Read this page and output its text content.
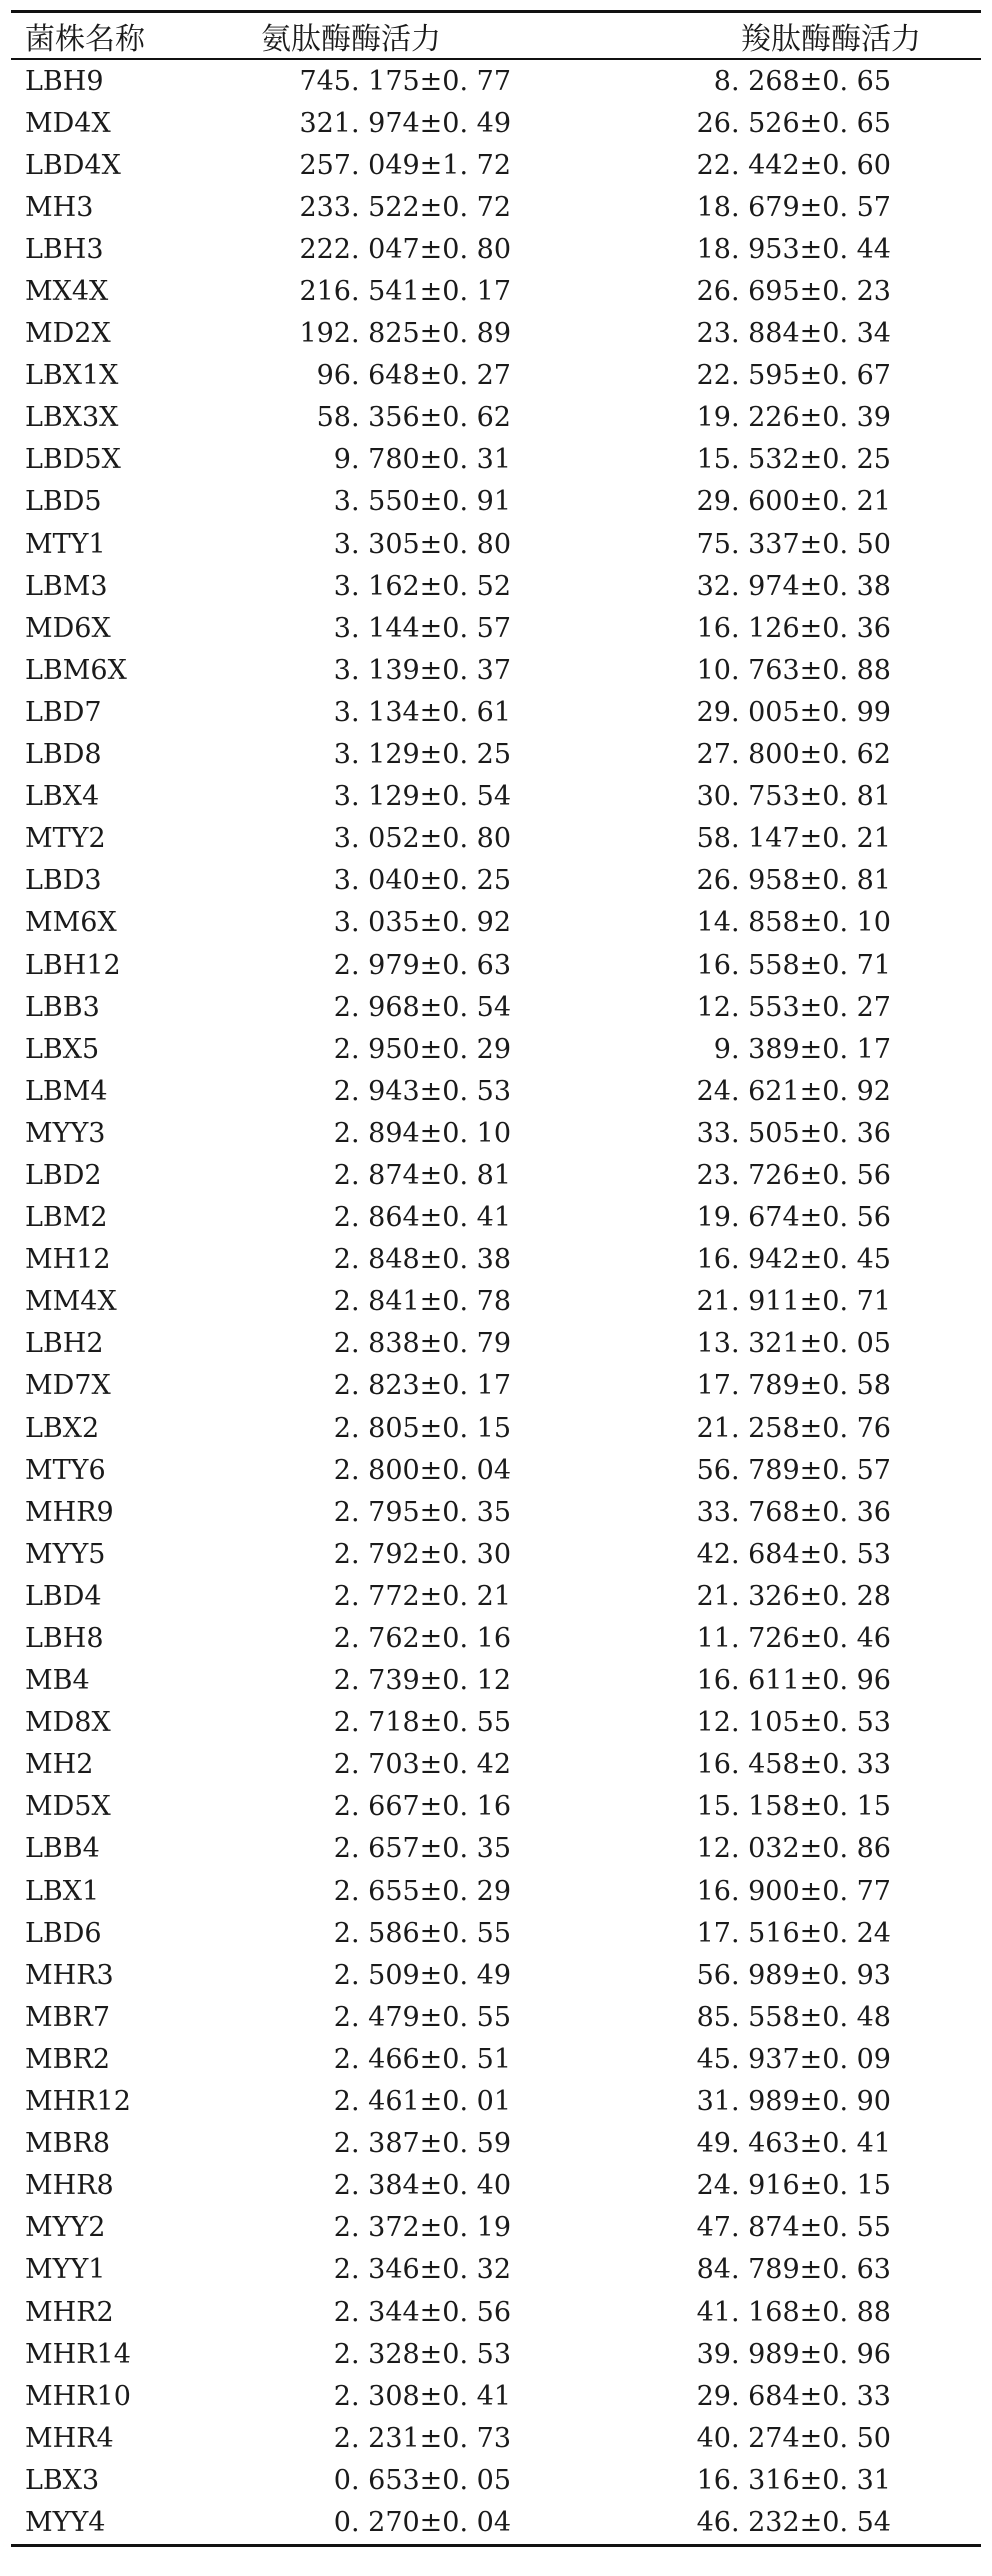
菌株名称	氨肽酶酶活力	羧肽酶酶活力
LBH9	745. 175±0. 77	8. 268±0. 65
MD4X	321. 974±0. 49	26. 526±0. 65
LBD4X	257. 049±1. 72	22. 442±0. 60
MH3	233. 522±0. 72	18. 679±0. 57
LBH3	222. 047±0. 80	18. 953±0. 44
MX4X	216. 541±0. 17	26. 695±0. 23
MD2X	192. 825±0. 89	23. 884±0. 34
LBX1X	96. 648±0. 27	22. 595±0. 67
LBX3X	58. 356±0. 62	19. 226±0. 39
LBD5X	9. 780±0. 31	15. 532±0. 25
LBD5	3. 550±0. 91	29. 600±0. 21
MTY1	3. 305±0. 80	75. 337±0. 50
LBM3	3. 162±0. 52	32. 974±0. 38
MD6X	3. 144±0. 57	16. 126±0. 36
LBM6X	3. 139±0. 37	10. 763±0. 88
LBD7	3. 134±0. 61	29. 005±0. 99
LBD8	3. 129±0. 25	27. 800±0. 62
LBX4	3. 129±0. 54	30. 753±0. 81
MTY2	3. 052±0. 80	58. 147±0. 21
LBD3	3. 040±0. 25	26. 958±0. 81
MM6X	3. 035±0. 92	14. 858±0. 10
LBH12	2. 979±0. 63	16. 558±0. 71
LBB3	2. 968±0. 54	12. 553±0. 27
LBX5	2. 950±0. 29	9. 389±0. 17
LBM4	2. 943±0. 53	24. 621±0. 92
MYY3	2. 894±0. 10	33. 505±0. 36
LBD2	2. 874±0. 81	23. 726±0. 56
LBM2	2. 864±0. 41	19. 674±0. 56
MH12	2. 848±0. 38	16. 942±0. 45
MM4X	2. 841±0. 78	21. 911±0. 71
LBH2	2. 838±0. 79	13. 321±0. 05
MD7X	2. 823±0. 17	17. 789±0. 58
LBX2	2. 805±0. 15	21. 258±0. 76
MTY6	2. 800±0. 04	56. 789±0. 57
MHR9	2. 795±0. 35	33. 768±0. 36
MYY5	2. 792±0. 30	42. 684±0. 53
LBD4	2. 772±0. 21	21. 326±0. 28
LBH8	2. 762±0. 16	11. 726±0. 46
MB4	2. 739±0. 12	16. 611±0. 96
MD8X	2. 718±0. 55	12. 105±0. 53
MH2	2. 703±0. 42	16. 458±0. 33
MD5X	2. 667±0. 16	15. 158±0. 15
LBB4	2. 657±0. 35	12. 032±0. 86
LBX1	2. 655±0. 29	16. 900±0. 77
LBD6	2. 586±0. 55	17. 516±0. 24
MHR3	2. 509±0. 49	56. 989±0. 93
MBR7	2. 479±0. 55	85. 558±0. 48
MBR2	2. 466±0. 51	45. 937±0. 09
MHR12	2. 461±0. 01	31. 989±0. 90
MBR8	2. 387±0. 59	49. 463±0. 41
MHR8	2. 384±0. 40	24. 916±0. 15
MYY2	2. 372±0. 19	47. 874±0. 55
MYY1	2. 346±0. 32	84. 789±0. 63
MHR2	2. 344±0. 56	41. 168±0. 88
MHR14	2. 328±0. 53	39. 989±0. 96
MHR10	2. 308±0. 41	29. 684±0. 33
MHR4	2. 231±0. 73	40. 274±0. 50
LBX3	0. 653±0. 05	16. 316±0. 31
MYY4	0. 270±0. 04	46. 232±0. 54
